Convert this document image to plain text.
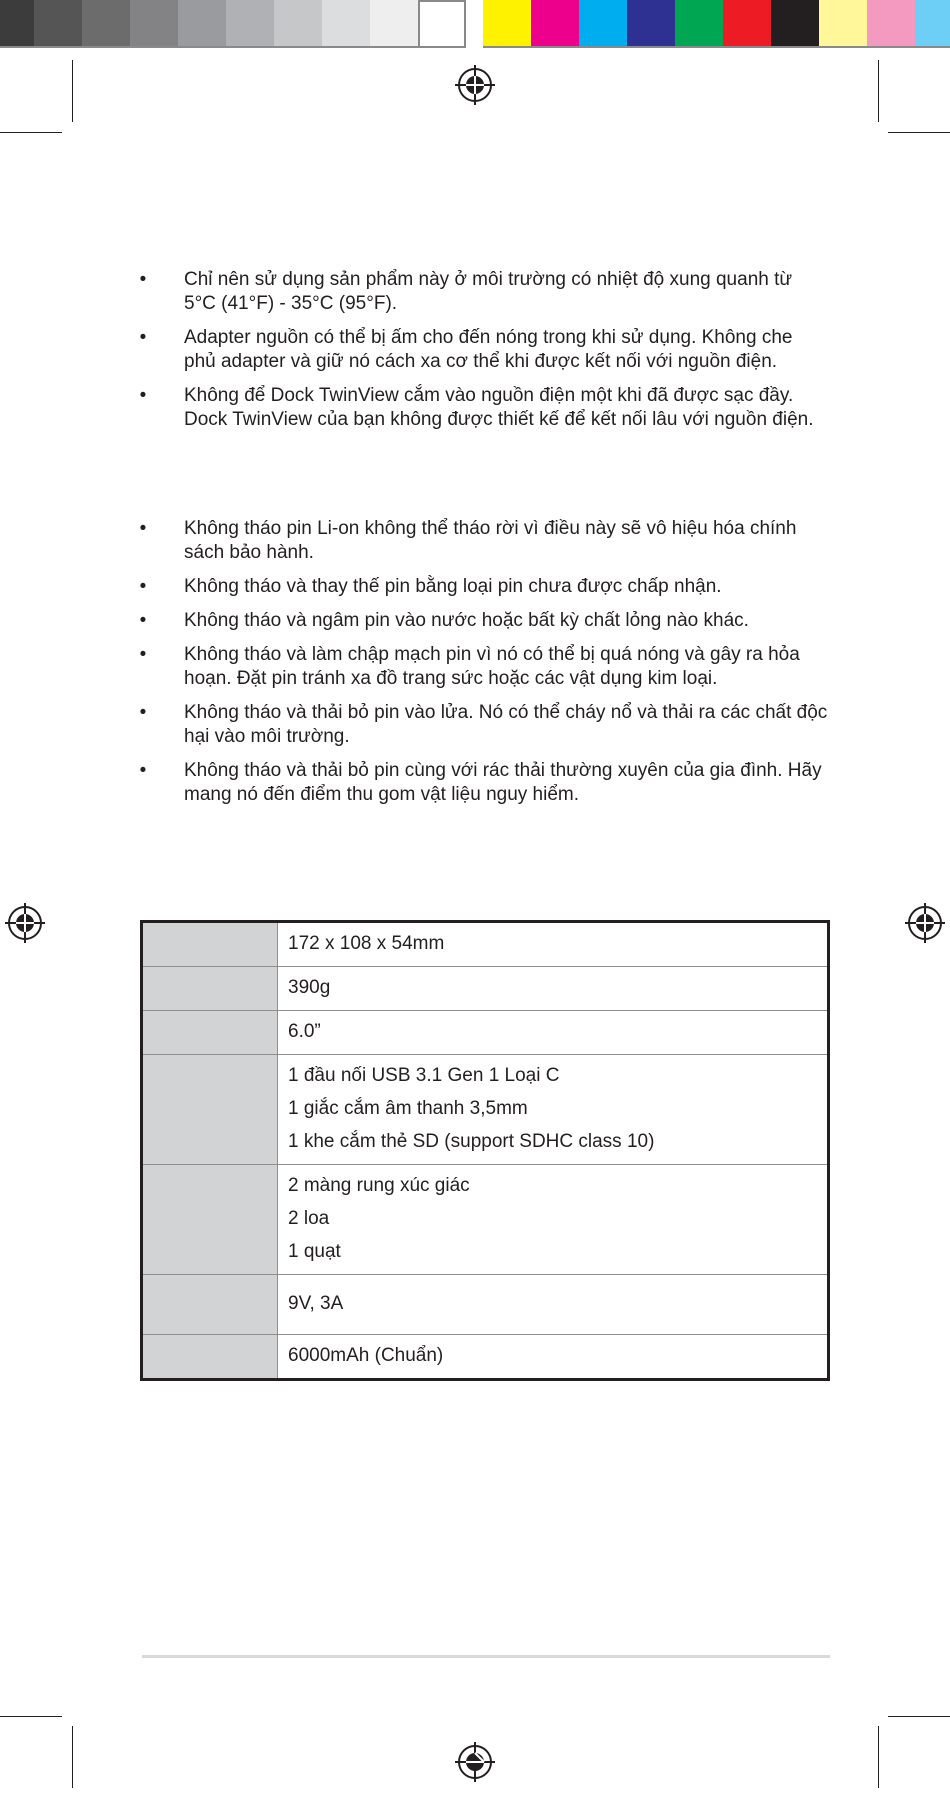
• Chỉ nên sử dụng sản phẩm này ở môi trường có nhiệt độ xung quanh từ 5°C (41°F) - 35°C (95°F).
• Adapter nguồn có thể bị ấm cho đến nóng trong khi sử dụng. Không che phủ adapter và giữ nó cách xa cơ thể khi được kết nối với nguồn điện.
• Không để Dock TwinView cắm vào nguồn điện một khi đã được sạc đầy. Dock TwinView của bạn không được thiết kế để kết nối lâu với nguồn điện.
• Không tháo pin Li-on không thể tháo rời vì điều này sẽ vô hiệu hóa chính sách bảo hành.
• Không tháo và thay thế pin bằng loại pin chưa được chấp nhận.
• Không tháo và ngâm pin vào nước hoặc bất kỳ chất lỏng nào khác.
• Không tháo và làm chập mạch pin vì nó có thể bị quá nóng và gây ra hỏa hoạn. Đặt pin tránh xa đồ trang sức hoặc các vật dụng kim loại.
• Không tháo và thải bỏ pin vào lửa. Nó có thể cháy nổ và thải ra các chất độc hại vào môi trường.
• Không tháo và thải bỏ pin cùng với rác thải thường xuyên của gia đình. Hãy mang nó đến điểm thu gom vật liệu nguy hiểm.

	172 x 108 x 54mm

	390g

	6.0”

	1 đầu nối USB 3.1 Gen 1 Loại C
1 giắc cắm âm thanh 3,5mm
1 khe cắm thẻ SD (support SDHC class 10)

	2 màng rung xúc giác
2 loa
1 quạt

	9V, 3A

	6000mAh (Chuẩn)
